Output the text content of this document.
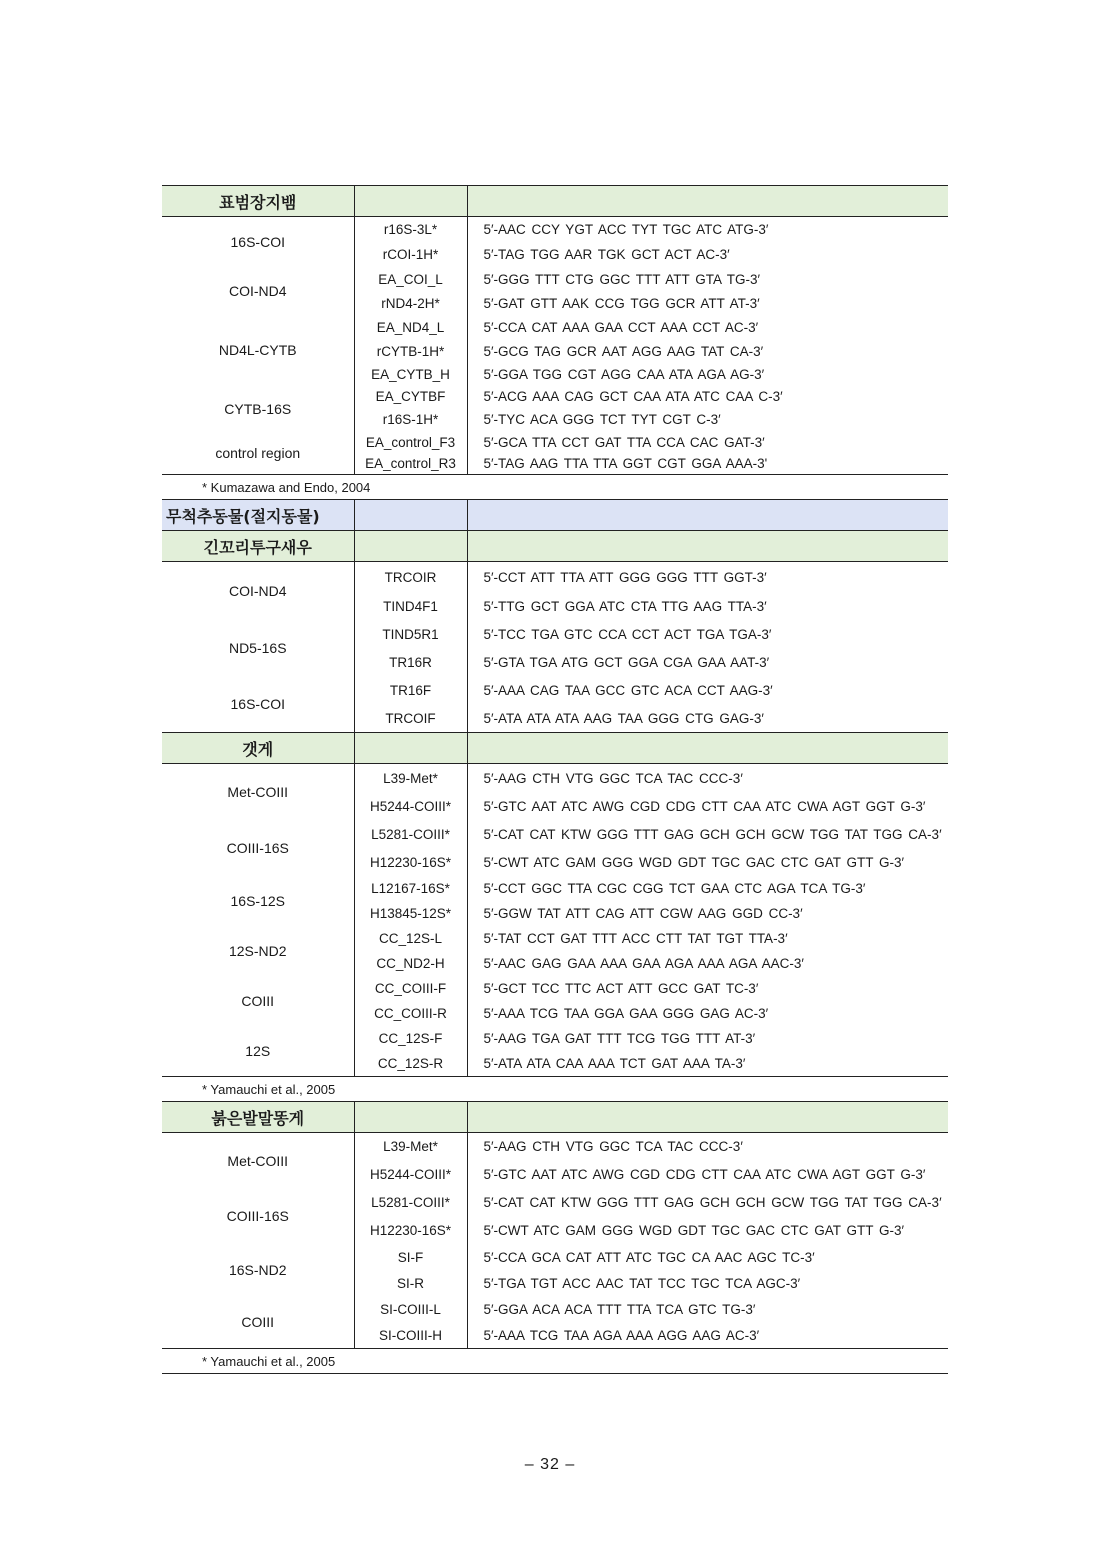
표범장지뱀		
16S-COI	r16S-3L*	5′-AAC CCY YGT ACC TYT TGC ATC ATG-3′
	rCOI-1H*	5′-TAG TGG AAR TGK GCT ACT AC-3′
COI-ND4	EA_COI_L	5′-GGG TTT CTG GGC TTT ATT GTA TG-3′
	rND4-2H*	5′-GAT GTT AAK CCG TGG GCR ATT AT-3′
ND4L-CYTB	EA_ND4_L	5′-CCA CAT AAA GAA CCT AAA CCT AC-3′
	rCYTB-1H*	5′-GCG TAG GCR AAT AGG AAG TAT CA-3′
	EA_CYTB_H	5′-GGA TGG CGT AGG CAA ATA AGA AG-3′
CYTB-16S	EA_CYTBF	5′-ACG AAA CAG GCT CAA ATA ATC CAA C-3′
	r16S-1H*	5′-TYC ACA GGG TCT TYT CGT C-3′
control region	EA_control_F3	5′-GCA TTA CCT GAT TTA CCA CAC GAT-3′
	EA_control_R3	5′-TAG AAG TTA TTA GGT CGT GGA AAA-3'
* Kumazawa and Endo, 2004		
무척추동물(절지동물)		
긴꼬리투구새우		
COI-ND4	TRCOIR	5′-CCT ATT TTA ATT GGG GGG TTT GGT-3′
	TIND4F1	5′-TTG GCT GGA ATC CTA TTG AAG TTA-3′
ND5-16S	TIND5R1	5′-TCC TGA GTC CCA CCT ACT TGA TGA-3′
	TR16R	5′-GTA TGA ATG GCT GGA CGA GAA AAT-3′
16S-COI	TR16F	5′-AAA CAG TAA GCC GTC ACA CCT AAG-3′
	TRCOIF	5′-ATA ATA ATA AAG TAA GGG CTG GAG-3′
갯게		
Met-COIII	L39-Met*	5′-AAG CTH VTG GGC TCA TAC CCC-3′
	H5244-COIII*	5′-GTC AAT ATC AWG CGD CDG CTT CAA ATC CWA AGT GGT G-3′
COIII-16S	L5281-COIII*	5′-CAT CAT KTW GGG TTT GAG GCH GCH GCW TGG TAT TGG CA-3′
	H12230-16S*	5′-CWT ATC GAM GGG WGD GDT TGC GAC CTC GAT GTT G-3′
16S-12S	L12167-16S*	5′-CCT GGC TTA CGC CGG TCT GAA CTC AGA TCA TG-3′
	H13845-12S*	5′-GGW TAT ATT CAG ATT CGW AAG GGD CC-3′
12S-ND2	CC_12S-L	5′-TAT CCT GAT TTT ACC CTT TAT TGT TTA-3′
	CC_ND2-H	5′-AAC GAG GAA AAA GAA AGA AAA AGA AAC-3′
COIII	CC_COIII-F	5′-GCT TCC TTC ACT ATT GCC GAT TC-3′
	CC_COIII-R	5′-AAA TCG TAA GGA GAA GGG GAG AC-3′
12S	CC_12S-F	5′-AAG TGA GAT TTT TCG TGG TTT AT-3′
	CC_12S-R	5′-ATA ATA CAA AAA TCT GAT AAA TA-3′
* Yamauchi et al., 2005		
붉은발말똥게		
Met-COIII	L39-Met*	5′-AAG CTH VTG GGC TCA TAC CCC-3′
	H5244-COIII*	5′-GTC AAT ATC AWG CGD CDG CTT CAA ATC CWA AGT GGT G-3′
COIII-16S	L5281-COIII*	5′-CAT CAT KTW GGG TTT GAG GCH GCH GCW TGG TAT TGG CA-3′
	H12230-16S*	5′-CWT ATC GAM GGG WGD GDT TGC GAC CTC GAT GTT G-3′
16S-ND2	SI-F	5′-CCA GCA CAT ATT ATC TGC CA AAC AGC TC-3′
	SI-R	5′-TGA TGT ACC AAC TAT TCC TGC TCA AGC-3′
COIII	SI-COIII-L	5′-GGA ACA ACA TTT TTA TCA GTC TG-3′
	SI-COIII-H	5′-AAA TCG TAA AGA AAA AGG AAG AC-3′
* Yamauchi et al., 2005		
– 32 –
